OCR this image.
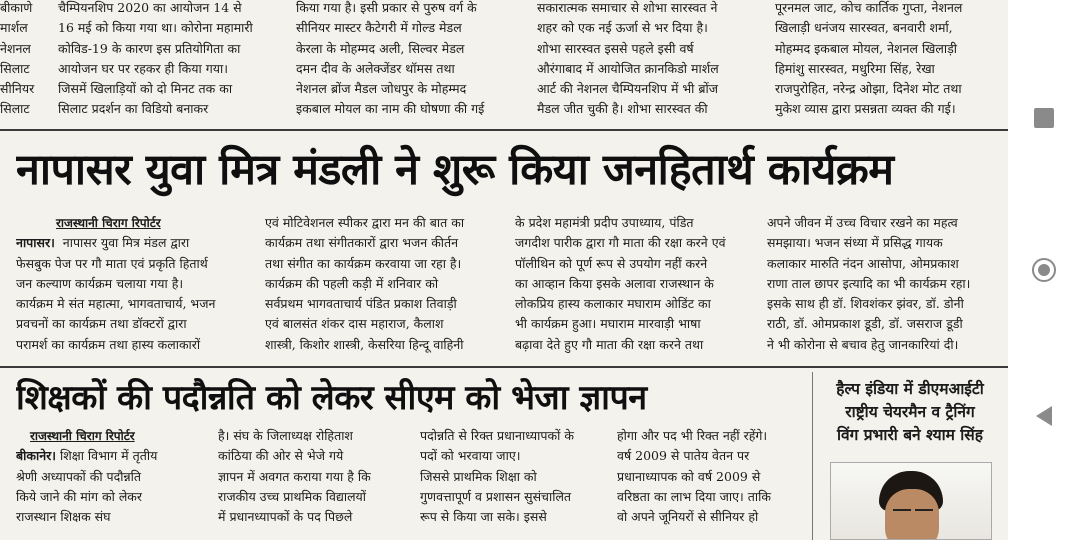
बीकाणे
मार्शल
नेशनल
सिलाट
सीनियर
सिलाट
चैम्पियनशिप 2020 का आयोजन 14 से
16 मई को किया गया था। कोरोना महामारी
कोविड-19 के कारण इस प्रतियोगिता का
आयोजन घर पर रहकर ही किया गया।
जिसमें खिलाड़ियों को दो मिनट तक का
सिलाट प्रदर्शन का विडियो बनाकर
किया गया है। इसी प्रकार से पुरुष वर्ग के
सीनियर मास्टर कैटेगरी में गोल्ड मेडल
केरला के मोहम्मद अली, सिल्वर मेडल
दमन दीव के अलेक्जेंडर थॉमस तथा
नेशनल ब्रोंज मैडल जोधपुर के मोहम्मद
इकबाल मोयल का नाम की घोषणा की गई
सकारात्मक समाचार से शोभा सारस्वत ने
शहर को एक नई ऊर्जा से भर दिया है।
शोभा सारस्वत इससे पहले इसी वर्ष
औरंगाबाद में आयोजित क्रानकिडो मार्शल
आर्ट की नेशनल चैम्पियनशिप में भी ब्रोंज
मैडल जीत चुकी है। शोभा सारस्वत की
पूरनमल जाट, कोच कार्तिक गुप्ता, नेशनल
खिलाड़ी धनंजय सारस्वत, बनवारी शर्मा,
मोहम्मद इकबाल मोयल, नेशनल खिलाड़ी
हिमांशु सारस्वत, मधुरिमा सिंह, रेखा
राजपुरोहित, नरेन्द्र ओझा, दिनेश मोट तथा
मुकेश व्यास द्वारा प्रसन्नता व्यक्त की गई।
नापासर युवा मित्र मंडली ने शुरू किया जनहितार्थ कार्यक्रम
राजस्थानी चिराग रिपोर्टर
नापासर। नापासर युवा मित्र मंडल द्वारा
फेसबुक पेज पर गौ माता एवं प्रकृति हितार्थ
जन कल्याण कार्यक्रम चलाया गया है।
कार्यक्रम मे संत महात्मा, भागवताचार्य, भजन
प्रवचनों का कार्यक्रम तथा डॉक्टरों द्वारा
परामर्श का कार्यक्रम तथा हास्य कलाकारों
एवं मोटिवेशनल स्पीकर द्वारा मन की बात का
कार्यक्रम तथा संगीतकारों द्वारा भजन कीर्तन
तथा संगीत का कार्यक्रम करवाया जा रहा है।
कार्यक्रम की पहली कड़ी में शनिवार को
सर्वप्रथम भागवताचार्य पंडित प्रकाश तिवाड़ी
एवं बालसंत शंकर दास महाराज, कैलाश
शास्त्री, किशोर शास्त्री, केसरिया हिन्दू वाहिनी
के प्रदेश महामंत्री प्रदीप उपाध्याय, पंडित
जगदीश पारीक द्वारा गौ माता की रक्षा करने एवं
पॉलीथिन को पूर्ण रूप से उपयोग नहीं करने
का आव्हान किया इसके अलावा राजस्थान के
लोकप्रिय हास्य कलाकार मघाराम ओडिंट का
भी कार्यक्रम हुआ। मघाराम मारवाड़ी भाषा
बढ़ावा देते हुए गौ माता की रक्षा करने तथा
अपने जीवन में उच्च विचार रखने का महत्व
समझाया। भजन संध्या में प्रसिद्ध गायक
कलाकार मारुति नंदन आसोपा, ओमप्रकाश
राणा ताल छापर इत्यादि का भी कार्यक्रम रहा।
इसके साथ ही डॉ. शिवशंकर झंवर, डॉ. डोनी
राठी, डॉ. ओमप्रकाश डूडी, डॉ. जसराज डूडी
ने भी कोरोना से बचाव हेतु जानकारियां दी।
शिक्षकों की पदौन्नति को लेकर सीएम को भेजा ज्ञापन
राजस्थानी चिराग रिपोर्टर
बीकानेर। शिक्षा विभाग में तृतीय
श्रेणी अध्यापकों की पदौन्नति
किये जाने की मांग को लेकर
राजस्थान शिक्षक संघ
है। संघ के जिलाध्यक्ष रोहिताश
कांठिया की ओर से भेजे गये
ज्ञापन में अवगत कराया गया है कि
राजकीय उच्च प्राथमिक विद्यालयों
में प्रधानध्यापकों के पद पिछले
पदोन्नति से रिक्त प्रधानाध्यापकों के
पदों को भरवाया जाए।
जिससे प्राथमिक शिक्षा को
गुणवत्तापूर्ण व प्रशासन सुसंचालित
रूप से किया जा सके। इससे
होगा और पद भी रिक्त नहीं रहेंगे।
वर्ष 2009 से पातेय वेतन पर
प्रधानाध्यापक को वर्ष 2009 से
वरिष्ठता का लाभ दिया जाए। ताकि
वो अपने जूनियरों से सीनियर हो
हैल्प इंडिया में डीएमआईटी
राष्ट्रीय चेयरमैन व ट्रैनिंग
विंग प्रभारी बने श्याम सिंह
